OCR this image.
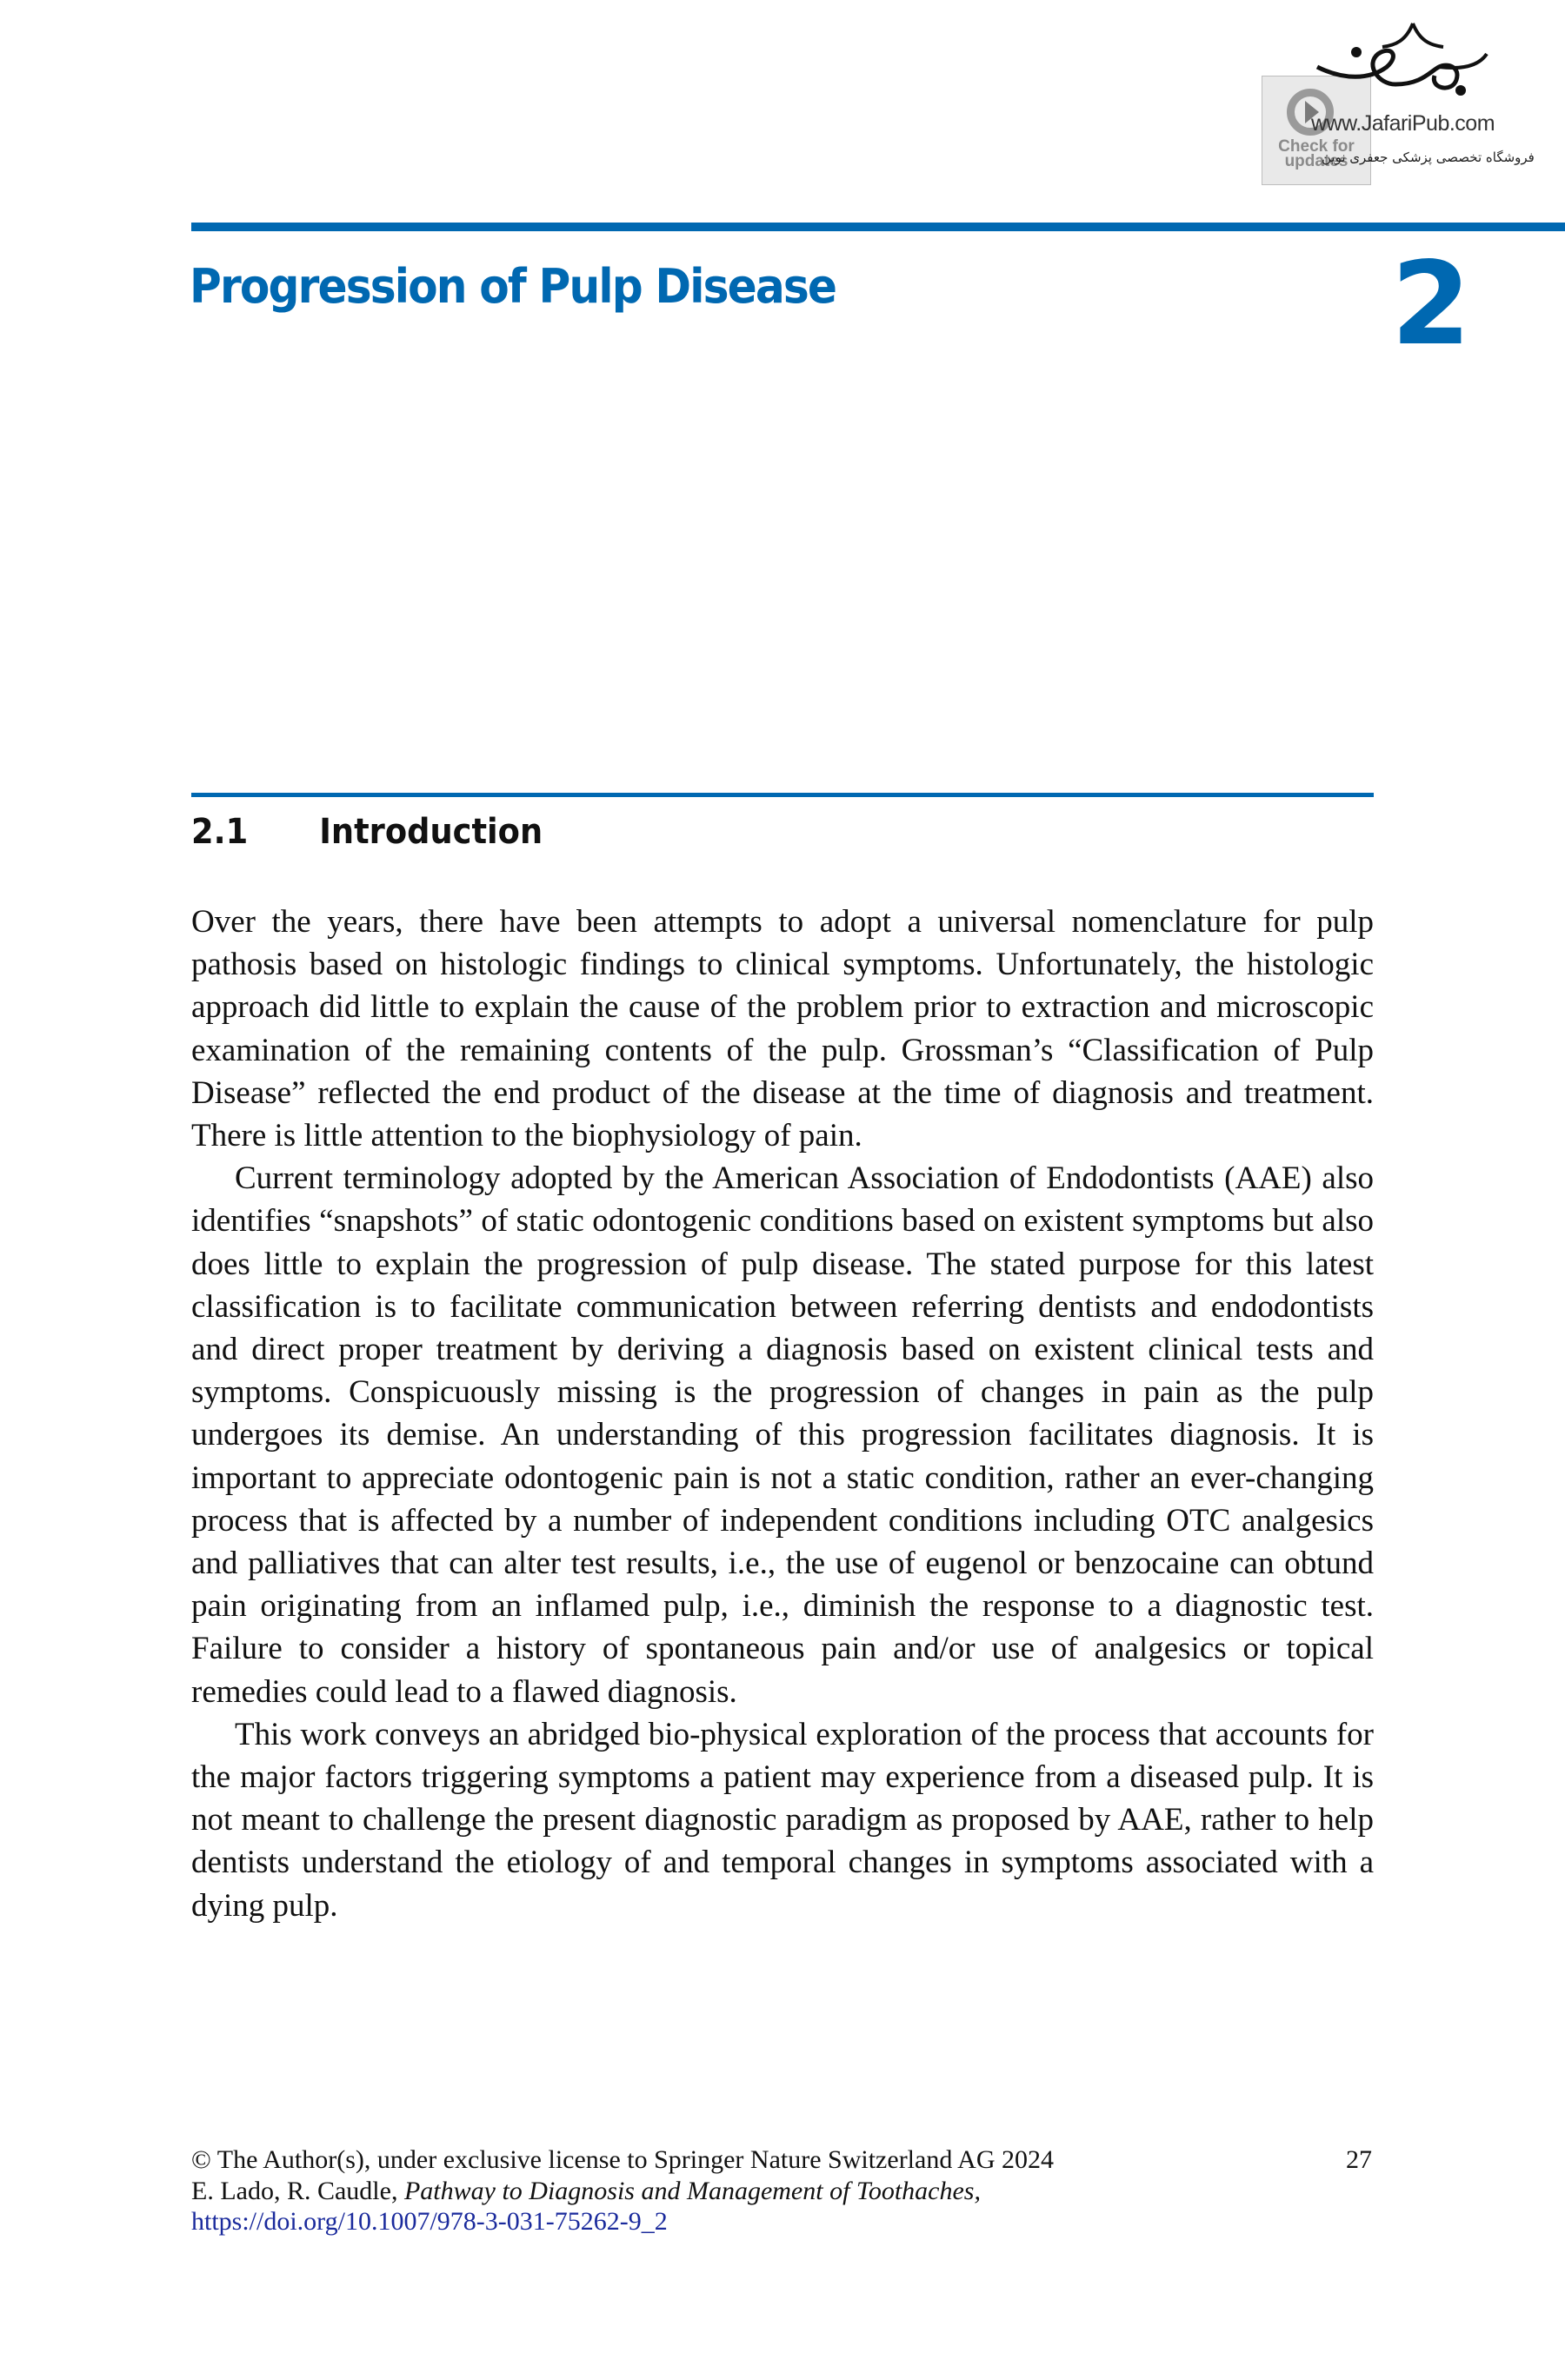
Check for
updates
www.JafariPub.com
فروشگاه تخصصی پزشکی جعفری نوین
Progression of Pulp Disease	2
2.1 Introduction

Over the years, there have been attempts to adopt a universal nomenclature for pulp pathosis based on histologic findings to clinical symptoms. Unfortunately, the histologic approach did little to explain the cause of the problem prior to extraction and microscopic examination of the remaining contents of the pulp. Grossman’s “Classification of Pulp Disease” reflected the end product of the disease at the time of diagnosis and treatment. There is little attention to the biophysiology of pain.

Current terminology adopted by the American Association of Endodontists (AAE) also identifies “snapshots” of static odontogenic conditions based on existent symptoms but also does little to explain the progression of pulp disease. The stated purpose for this latest classification is to facilitate communication between referring dentists and endodontists and direct proper treatment by deriving a diagnosis based on existent clinical tests and symptoms. Conspicuously missing is the progression of changes in pain as the pulp undergoes its demise. An understanding of this progression facilitates diagnosis. It is important to appreciate odontogenic pain is not a static condition, rather an ever-changing process that is affected by a number of independent conditions including OTC analgesics and palliatives that can alter test results, i.e., the use of eugenol or benzocaine can obtund pain originating from an inflamed pulp, i.e., diminish the response to a diagnostic test. Failure to consider a history of spontaneous pain and/or use of analgesics or topical remedies could lead to a flawed diagnosis.

This work conveys an abridged bio-physical exploration of the process that accounts for the major factors triggering symptoms a patient may experience from a diseased pulp. It is not meant to challenge the present diagnostic paradigm as proposed by AAE, rather to help dentists understand the etiology of and temporal changes in symptoms associated with a dying pulp.

© The Author(s), under exclusive license to Springer Nature Switzerland AG 2024
E. Lado, R. Caudle, Pathway to Diagnosis and Management of Toothaches,
https://doi.org/10.1007/978-3-031-75262-9_2
27
